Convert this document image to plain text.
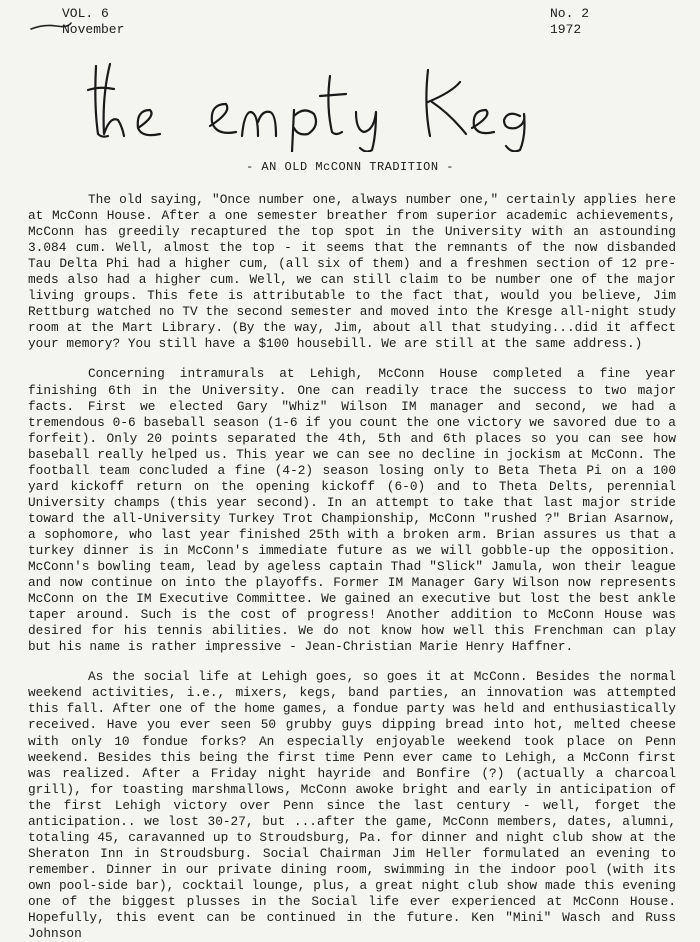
VOL. 6
November
No. 2
1972
- AN OLD McCONN TRADITION -

The old saying, "Once number one, always number one," certainly applies here at McConn House. After a one semester breather from superior academic achievements, McConn has greedily recaptured the top spot in the University with an astounding 3.084 cum. Well, almost the top - it seems that the remnants of the now disbanded Tau Delta Phi had a higher cum, (all six of them) and a freshmen section of 12 pre-meds also had a higher cum. Well, we can still claim to be number one of the major living groups. This fete is attributable to the fact that, would you believe, Jim Rettburg watched no TV the second semester and moved into the Kresge all-night study room at the Mart Library. (By the way, Jim, about all that studying...did it affect your memory? You still have a $100 housebill. We are still at the same address.)

Concerning intramurals at Lehigh, McConn House completed a fine year finishing 6th in the University. One can readily trace the success to two major facts. First we elected Gary "Whiz" Wilson IM manager and second, we had a tremendous 0-6 baseball season (1-6 if you count the one victory we savored due to a forfeit). Only 20 points separated the 4th, 5th and 6th places so you can see how baseball really helped us. This year we can see no decline in jockism at McConn. The football team concluded a fine (4-2) season losing only to Beta Theta Pi on a 100 yard kickoff return on the opening kickoff (6-0) and to Theta Delts, perennial University champs (this year second). In an attempt to take that last major stride toward the all-University Turkey Trot Championship, McConn "rushed ?" Brian Asarnow, a sophomore, who last year finished 25th with a broken arm. Brian assures us that a turkey dinner is in McConn's immediate future as we will gobble-up the opposition. McConn's bowling team, lead by ageless captain Thad "Slick" Jamula, won their league and now continue on into the playoffs. Former IM Manager Gary Wilson now represents McConn on the IM Executive Committee. We gained an executive but lost the best ankle taper around. Such is the cost of progress! Another addition to McConn House was desired for his tennis abilities. We do not know how well this Frenchman can play but his name is rather impressive - Jean-Christian Marie Henry Haffner.

As the social life at Lehigh goes, so goes it at McConn. Besides the normal weekend activities, i.e., mixers, kegs, band parties, an innovation was attempted this fall. After one of the home games, a fondue party was held and enthusiastically received. Have you ever seen 50 grubby guys dipping bread into hot, melted cheese with only 10 fondue forks? An especially enjoyable weekend took place on Penn weekend. Besides this being the first time Penn ever came to Lehigh, a McConn first was realized. After a Friday night hayride and Bonfire (?) (actually a charcoal grill), for toasting marshmallows, McConn awoke bright and early in anticipation of the first Lehigh victory over Penn since the last century - well, forget the anticipation.. we lost 30-27, but ...after the game, McConn members, dates, alumni, totaling 45, caravanned up to Stroudsburg, Pa. for dinner and night club show at the Sheraton Inn in Stroudsburg. Social Chairman Jim Heller formulated an evening to remember. Dinner in our private dining room, swimming in the indoor pool (with its own pool-side bar), cocktail lounge, plus, a great night club show made this evening one of the biggest plusses in the Social life ever experienced at McConn House. Hopefully, this event can be continued in the future. Ken "Mini" Wasch and Russ Johnson
